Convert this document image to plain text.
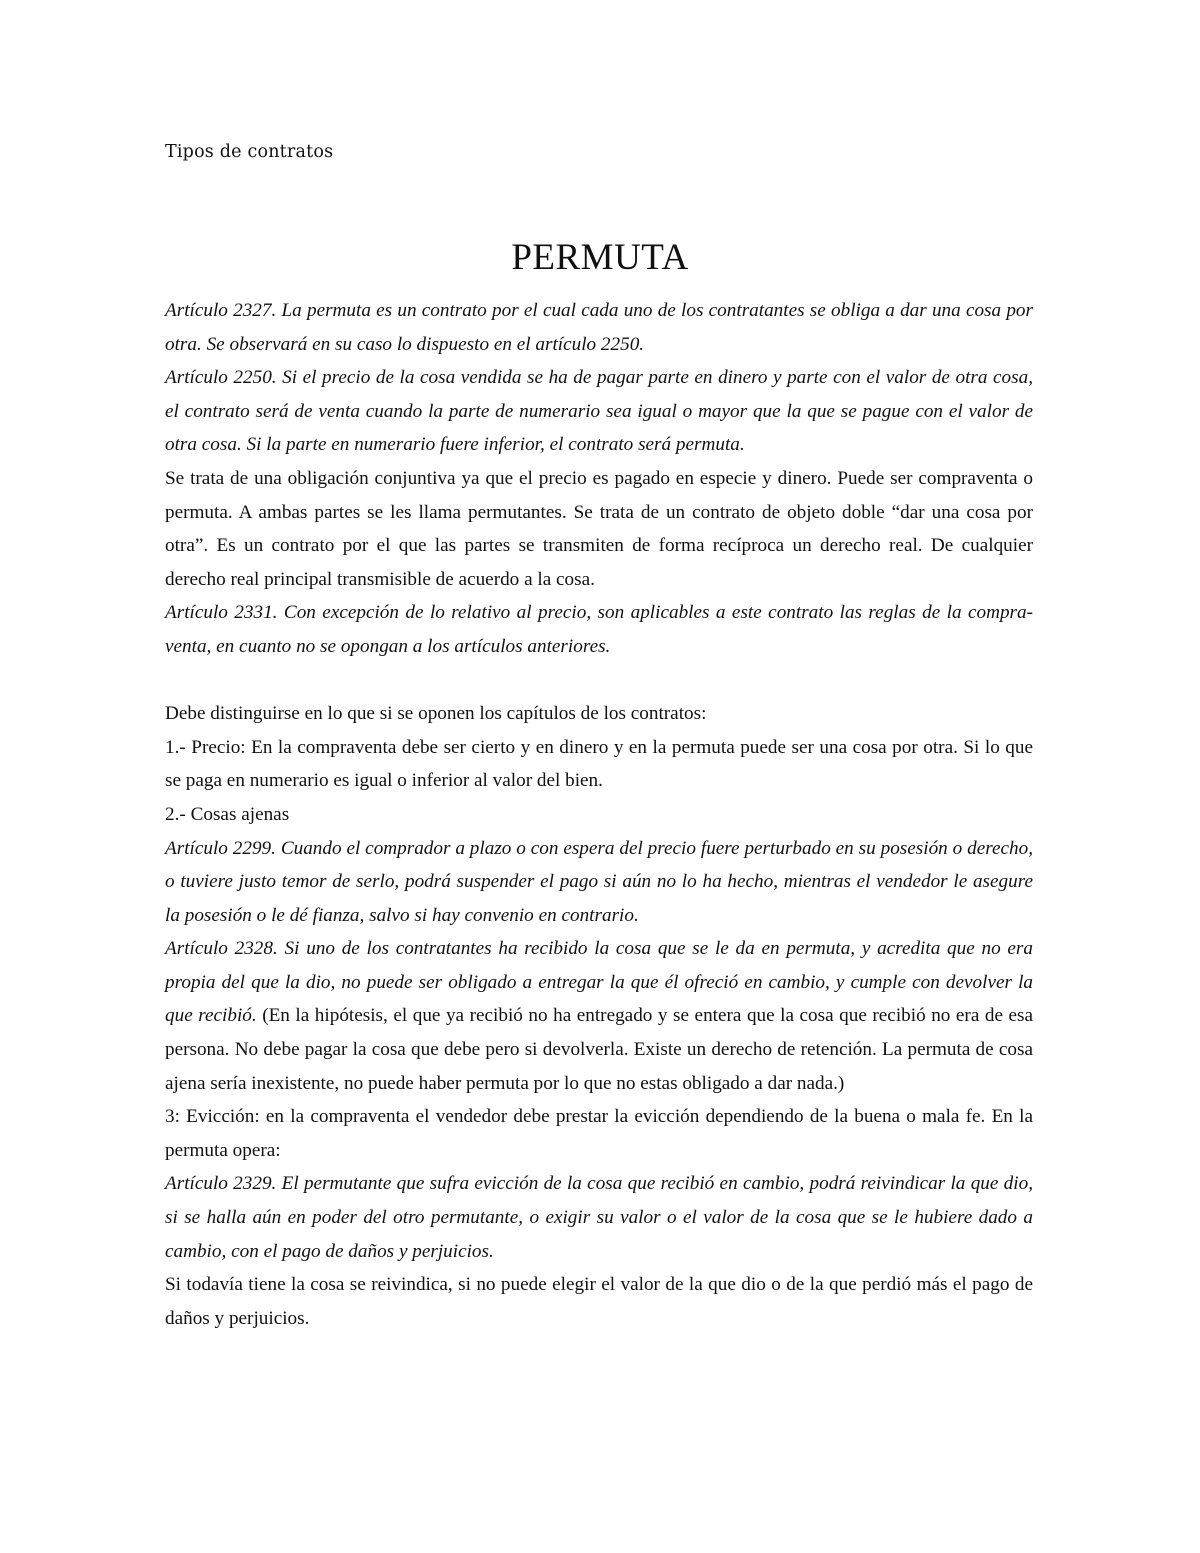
Tipos de contratos

PERMUTA

Artículo 2327. La permuta es un contrato por el cual cada uno de los contratantes se obliga a dar una cosa por otra. Se observará en su caso lo dispuesto en el artículo 2250.

Artículo 2250. Si el precio de la cosa vendida se ha de pagar parte en dinero y parte con el valor de otra cosa, el contrato será de venta cuando la parte de numerario sea igual o mayor que la que se pague con el valor de otra cosa. Si la parte en numerario fuere inferior, el contrato será permuta.

Se trata de una obligación conjuntiva ya que el precio es pagado en especie y dinero. Puede ser compraventa o permuta. A ambas partes se les llama permutantes. Se trata de un contrato de objeto doble “dar una cosa por otra”. Es un contrato por el que las partes se transmiten de forma recíproca un derecho real. De cualquier derecho real principal transmisible de acuerdo a la cosa.

Artículo 2331. Con excepción de lo relativo al precio, son aplicables a este contrato las reglas de la compra-venta, en cuanto no se opongan a los artículos anteriores.

Debe distinguirse en lo que si se oponen los capítulos de los contratos:

1.- Precio: En la compraventa debe ser cierto y en dinero y en la permuta puede ser una cosa por otra. Si lo que se paga en numerario es igual o inferior al valor del bien.

2.- Cosas ajenas

Artículo 2299. Cuando el comprador a plazo o con espera del precio fuere perturbado en su posesión o derecho, o tuviere justo temor de serlo, podrá suspender el pago si aún no lo ha hecho, mientras el vendedor le asegure la posesión o le dé fianza, salvo si hay convenio en contrario.

Artículo 2328. Si uno de los contratantes ha recibido la cosa que se le da en permuta, y acredita que no era propia del que la dio, no puede ser obligado a entregar la que él ofreció en cambio, y cumple con devolver la que recibió. (En la hipótesis, el que ya recibió no ha entregado y se entera que la cosa que recibió no era de esa persona. No debe pagar la cosa que debe pero si devolverla. Existe un derecho de retención. La permuta de cosa ajena sería inexistente, no puede haber permuta por lo que no estas obligado a dar nada.)

3: Evicción: en la compraventa el vendedor debe prestar la evicción dependiendo de la buena o mala fe. En la permuta opera:

Artículo 2329. El permutante que sufra evicción de la cosa que recibió en cambio, podrá reivindicar la que dio, si se halla aún en poder del otro permutante, o exigir su valor o el valor de la cosa que se le hubiere dado a cambio, con el pago de daños y perjuicios.

Si todavía tiene la cosa se reivindica, si no puede elegir el valor de la que dio o de la que perdió más el pago de daños y perjuicios.
